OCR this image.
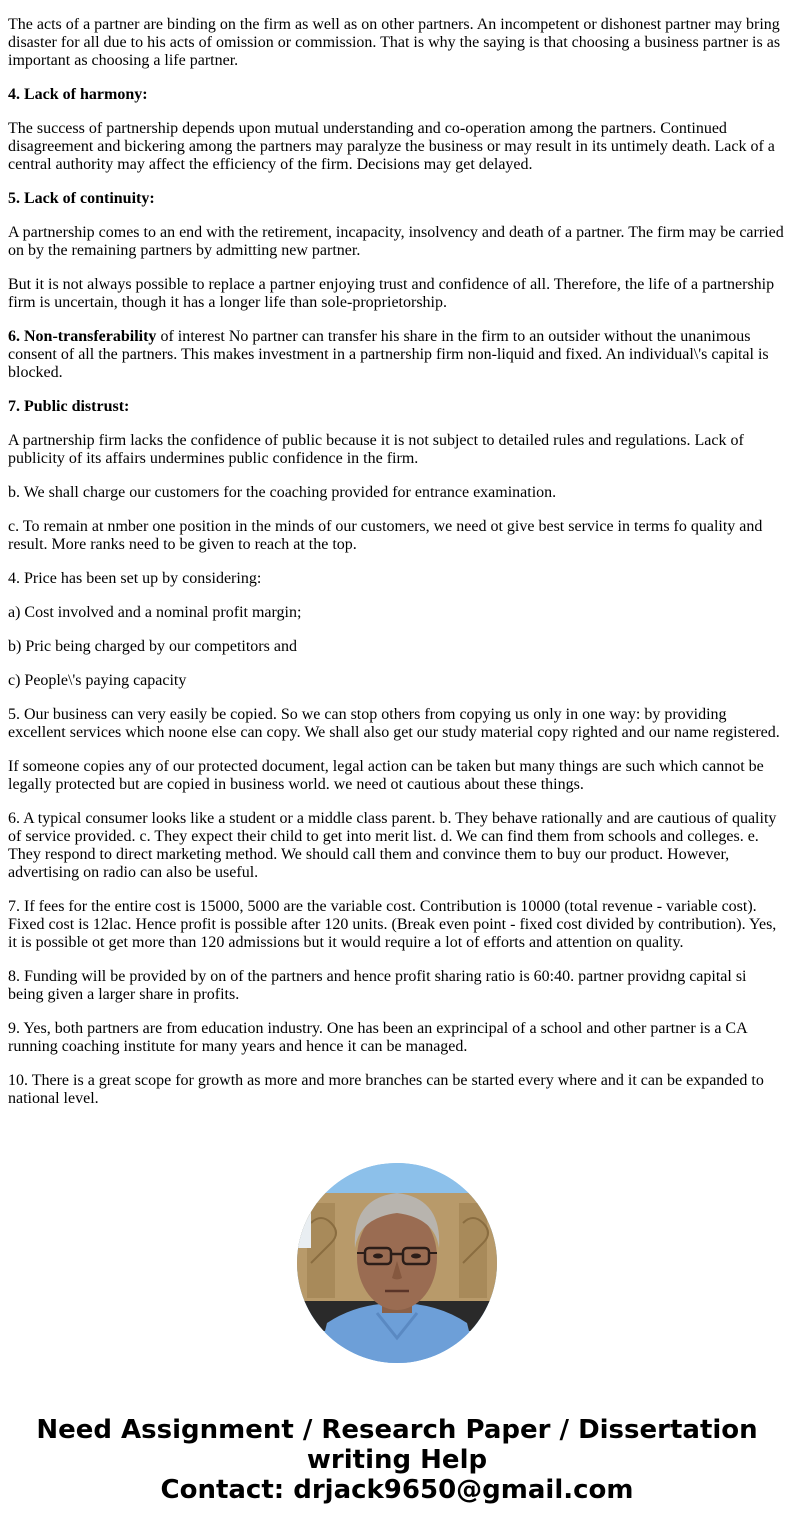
The acts of a partner are binding on the firm as well as on other partners. An incompetent or dishonest partner may bring disaster for all due to his acts of omission or commission. That is why the saying is that choosing a business partner is as important as choosing a life partner.

4. Lack of harmony:

The success of partnership depends upon mutual understanding and co-operation among the partners. Continued disagreement and bickering among the partners may paralyze the business or may result in its untimely death. Lack of a central authority may affect the efficiency of the firm. Decisions may get delayed.

5. Lack of continuity:

A partnership comes to an end with the retirement, incapacity, insolvency and death of a partner. The firm may be carried on by the remaining partners by admitting new partner.

But it is not always possible to replace a partner enjoying trust and confidence of all. Therefore, the life of a partnership firm is uncertain, though it has a longer life than sole-proprietorship.

6. Non-transferability of interest No partner can transfer his share in the firm to an outsider without the unanimous consent of all the partners. This makes investment in a partnership firm non-liquid and fixed. An individual\'s capital is blocked.

7. Public distrust:

A partnership firm lacks the confidence of public because it is not subject to detailed rules and regulations. Lack of publicity of its affairs undermines public confidence in the firm.

b. We shall charge our customers for the coaching provided for entrance examination.

c. To remain at nmber one position in the minds of our customers, we need ot give best service in terms fo quality and result. More ranks need to be given to reach at the top.

4. Price has been set up by considering:

a) Cost involved and a nominal profit margin;

b) Pric being charged by our competitors and

c) People\'s paying capacity

5. Our business can very easily be copied. So we can stop others from copying us only in one way: by providing excellent services which noone else can copy. We shall also get our study material copy righted and our name registered.

If someone copies any of our protected document, legal action can be taken but many things are such which cannot be legally protected but are copied in business world. we need ot cautious about these things.

6. A typical consumer looks like a student or a middle class parent. b. They behave rationally and are cautious of quality of service provided. c. They expect their child to get into merit list. d. We can find them from schools and colleges. e. They respond to direct marketing method. We should call them and convince them to buy our product. However, advertising on radio can also be useful.

7. If fees for the entire cost is 15000, 5000 are the variable cost. Contribution is 10000 (total revenue - variable cost). Fixed cost is 12lac. Hence profit is possible after 120 units. (Break even point - fixed cost divided by contribution). Yes, it is possible ot get more than 120 admissions but it would require a lot of efforts and attention on quality.

8. Funding will be provided by on of the partners and hence profit sharing ratio is 60:40. partner providng capital si being given a larger share in profits.

9. Yes, both partners are from education industry. One has been an exprincipal of a school and other partner is a CA running coaching institute for many years and hence it can be managed.

10. There is a great scope for growth as more and more branches can be started every where and it can be expanded to national level.

Need Assignment / Research Paper / Dissertation writing Help
Contact: drjack9650@gmail.com
